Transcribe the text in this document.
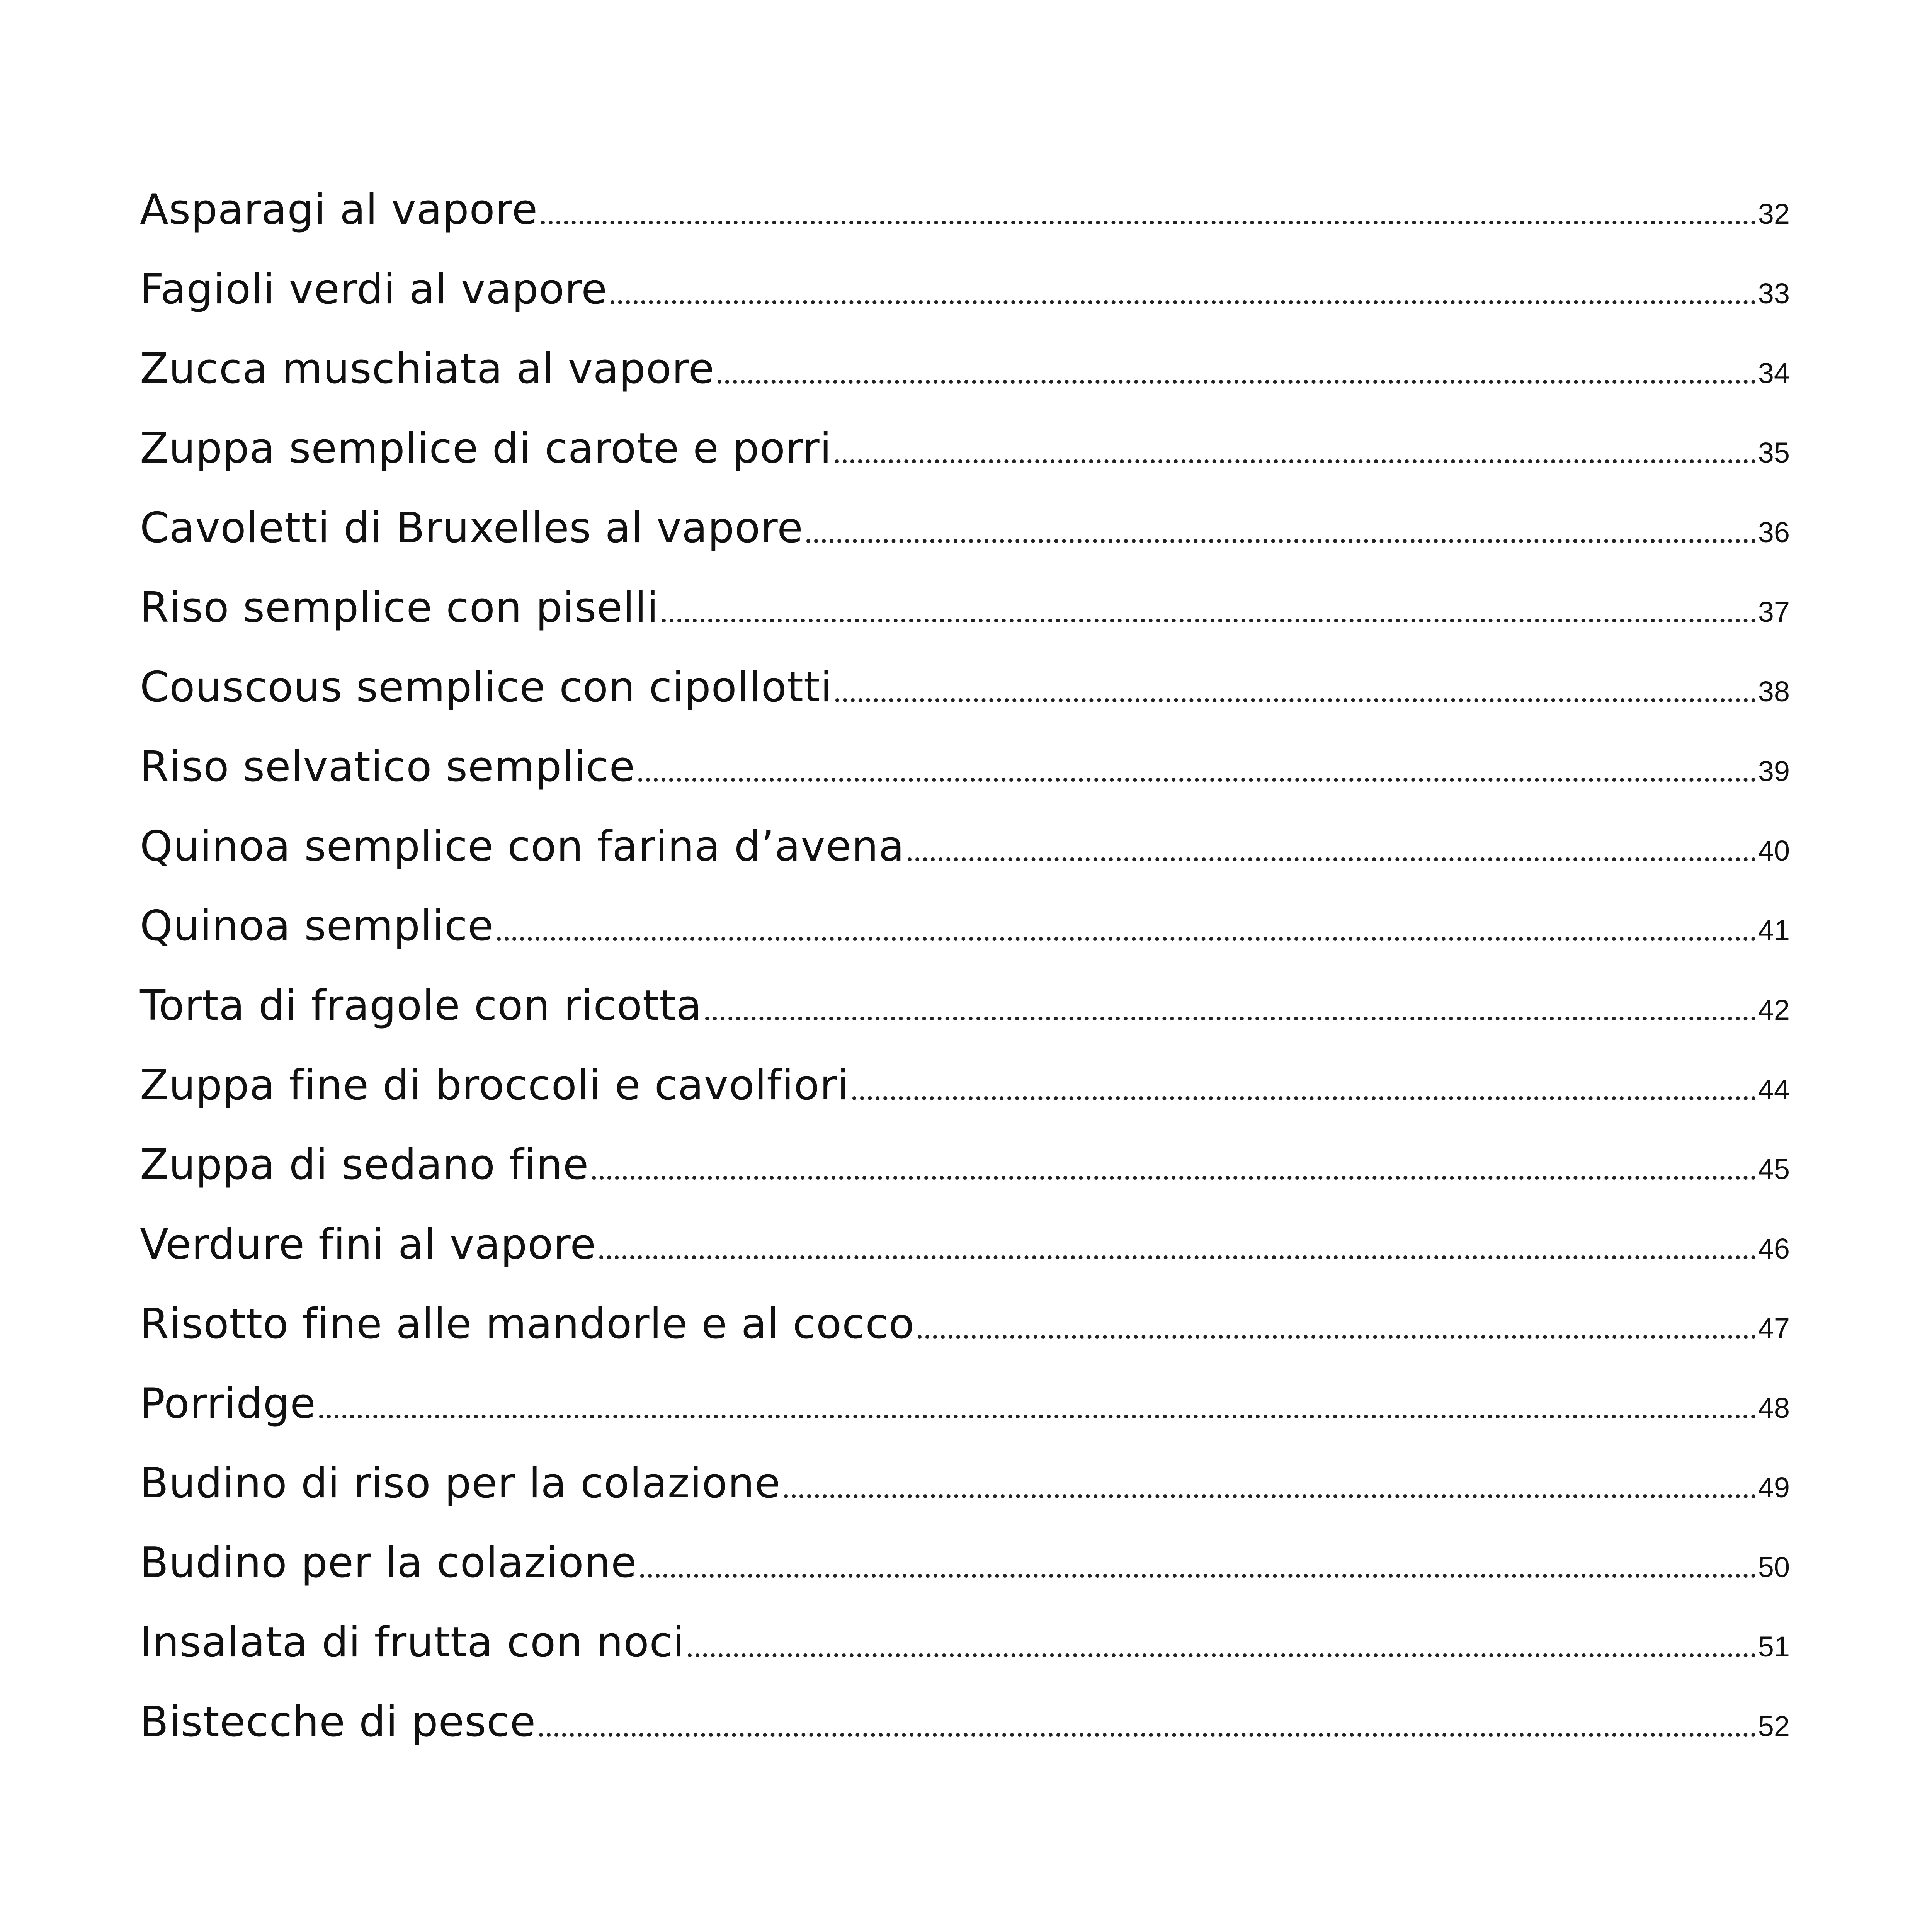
Asparagi al vapore	32
Fagioli verdi al vapore	33
Zucca muschiata al vapore	34
Zuppa semplice di carote e porri	35
Cavoletti di Bruxelles al vapore	36
Riso semplice con piselli	37
Couscous semplice con cipollotti	38
Riso selvatico semplice	39
Quinoa semplice con farina d’avena	40
Quinoa semplice	41
Torta di fragole con ricotta	42
Zuppa fine di broccoli e cavolfiori	44
Zuppa di sedano fine	45
Verdure fini al vapore	46
Risotto fine alle mandorle e al cocco	47
Porridge	48
Budino di riso per la colazione	49
Budino per la colazione	50
Insalata di frutta con noci	51
Bistecche di pesce	52
